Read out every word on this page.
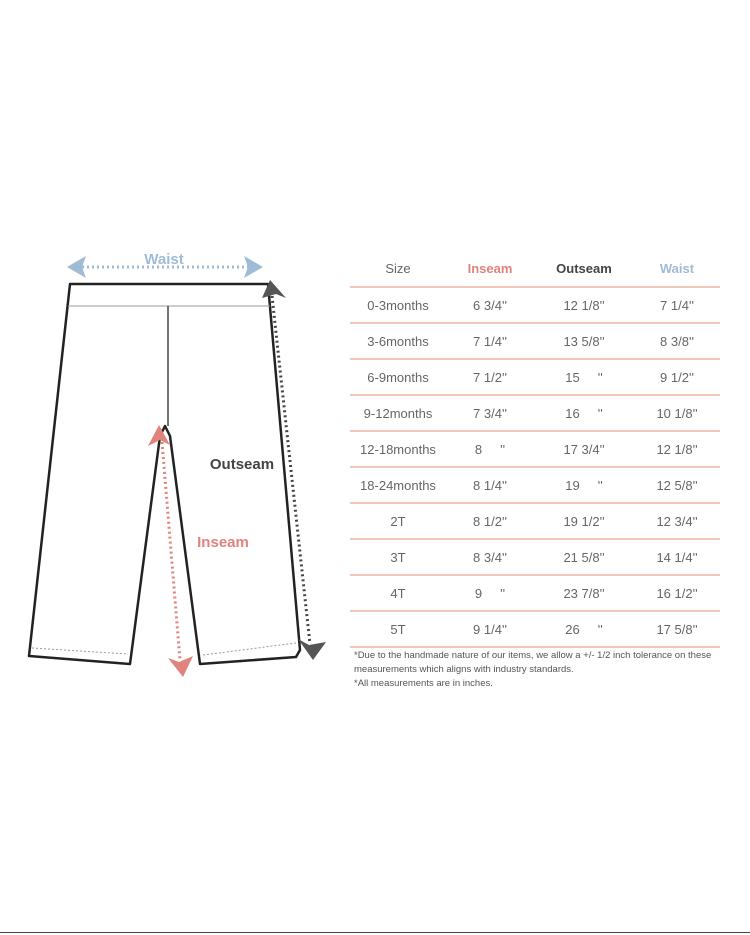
Waist
Outseam
Inseam
Size	Inseam	Outseam	Waist
0-3months	6 3/4''	12 1/8''	7 1/4''
3-6months	7 1/4''	13 5/8''	8 3/8''
6-9months	7 1/2''	15     ''	9 1/2''
9-12months	7 3/4''	16     ''	10 1/8''
12-18months	8     ''	17 3/4''	12 1/8''
18-24months	8 1/4''	19     ''	12 5/8''
2T	8 1/2''	19 1/2''	12 3/4''
3T	8 3/4''	21 5/8''	14 1/4''
4T	9     ''	23 7/8''	16 1/2''
5T	9 1/4''	26     ''	17 5/8''

*Due to the handmade nature of our items, we allow a +/- 1/2 inch tolerance on these measurements which aligns with industry standards.

*All measurements are in inches.
